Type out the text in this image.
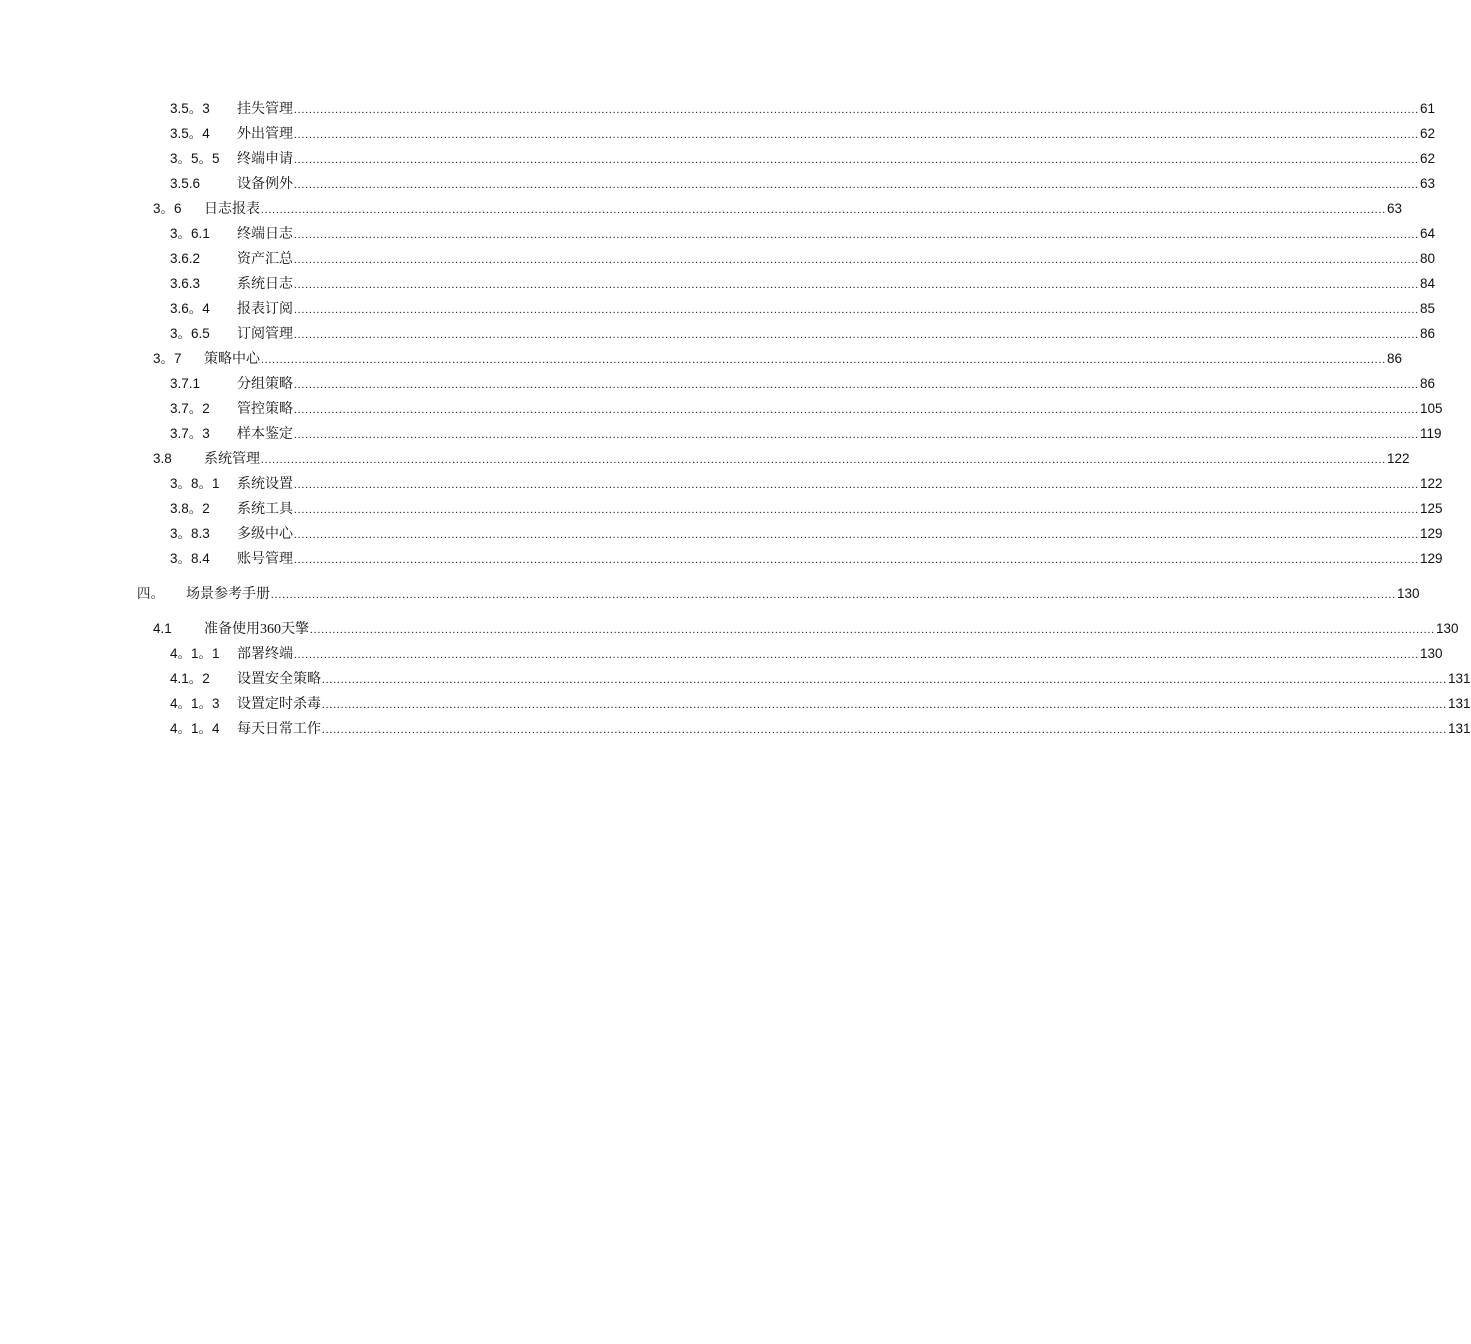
3.5。3 挂失管理 ............................................................................................................................................................................................................................................................................................................ 61
3.5。4 外出管理 ............................................................................................................................................................................................................................................................................................................ 62
3。5。5 终端申请 ............................................................................................................................................................................................................................................................................................................ 62
3.5.6	设备例外 ............................................................................................................................................................................................................................................................................................................ 63
3。6 日志报表 ............................................................................................................................................................................................................................................................................................................ 63
3。6.1 终端日志 ............................................................................................................................................................................................................................................................................................................ 64
3.6.2	资产汇总 ............................................................................................................................................................................................................................................................................................................ 80
3.6.3	系统日志 ............................................................................................................................................................................................................................................................................................................ 84
3.6。4 报表订阅 ............................................................................................................................................................................................................................................................................................................ 85
3。6.5 订阅管理 ............................................................................................................................................................................................................................................................................................................ 86
3。7 策略中心 ............................................................................................................................................................................................................................................................................................................ 86
3.7.1	分组策略 ............................................................................................................................................................................................................................................................................................................ 86
3.7。2 管控策略 ............................................................................................................................................................................................................................................................................................................ 105
3.7。3 样本鉴定 ............................................................................................................................................................................................................................................................................................................ 119
3.8 系统管理 ............................................................................................................................................................................................................................................................................................................ 122
3。8。1 系统设置 ............................................................................................................................................................................................................................................................................................................ 122
3.8。2 系统工具 ............................................................................................................................................................................................................................................................................................................ 125
3。8.3 多级中心 ............................................................................................................................................................................................................................................................................................................ 129
3。8.4 账号管理 ............................................................................................................................................................................................................................................................................................................ 129
四。 场景参考手册 ............................................................................................................................................................................................................................................................................................................ 130
4.1 准备使用360天擎 ............................................................................................................................................................................................................................................................................................................ 130
4。1。1 部署终端 ............................................................................................................................................................................................................................................................................................................ 130
4.1。2 设置安全策略 ............................................................................................................................................................................................................................................................................................................ 131
4。1。3 设置定时杀毒 ............................................................................................................................................................................................................................................................................................................ 131
4。1。4 每天日常工作 ............................................................................................................................................................................................................................................................................................................ 131
